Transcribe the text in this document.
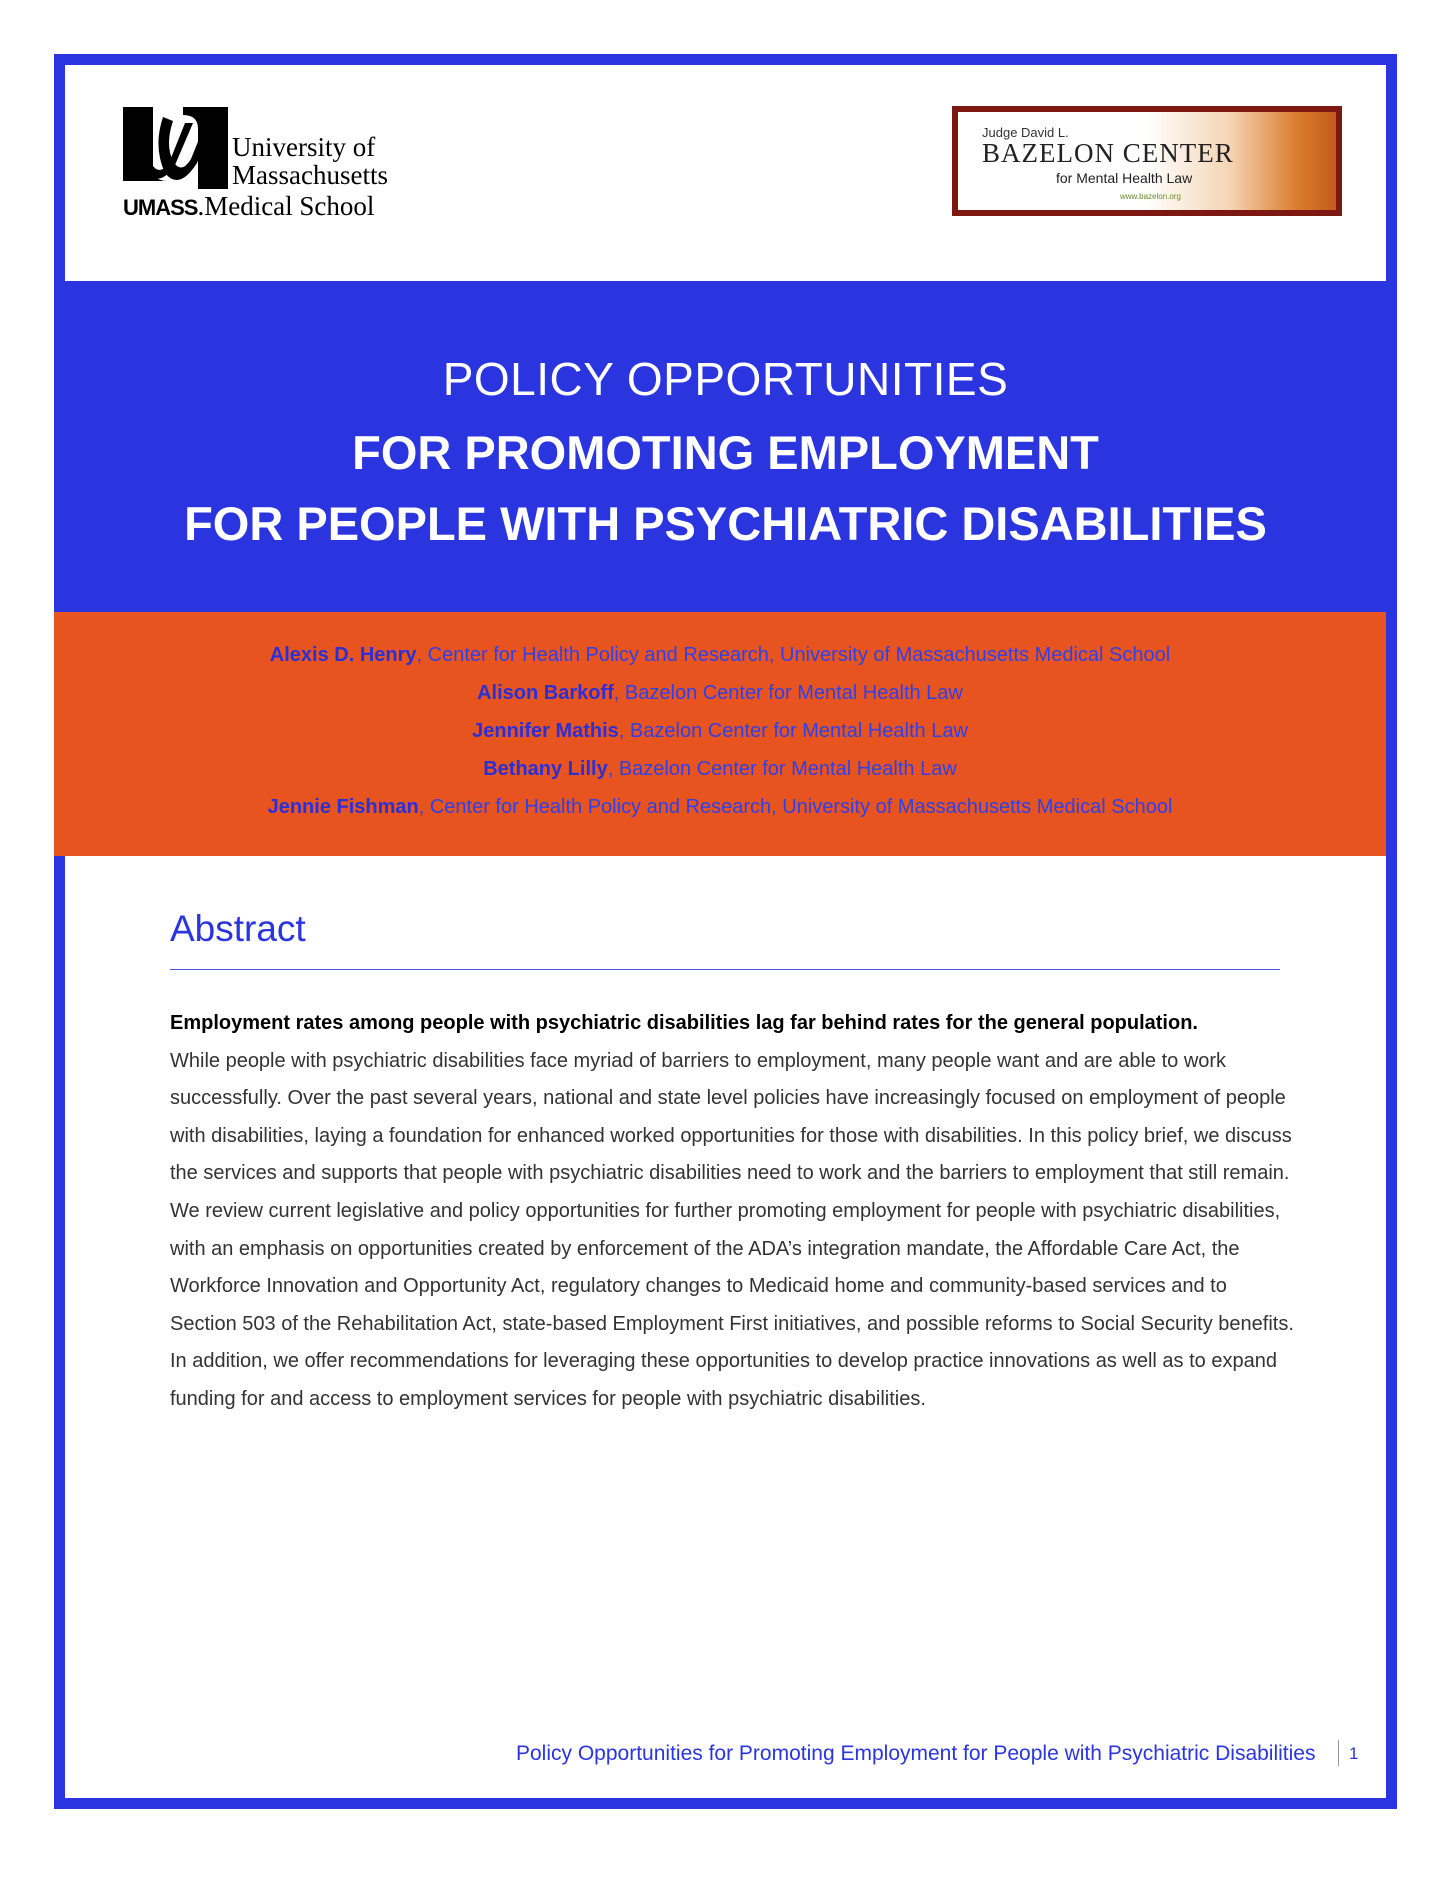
University of
Massachusetts
UMASS.Medical School
Judge David L.
BAZELON CENTER
for Mental Health Law
www.bazelon.org
POLICY OPPORTUNITIES
FOR PROMOTING EMPLOYMENT
FOR PEOPLE WITH PSYCHIATRIC DISABILITIES
Alexis D. Henry, Center for Health Policy and Research, University of Massachusetts Medical School
Alison Barkoff, Bazelon Center for Mental Health Law
Jennifer Mathis, Bazelon Center for Mental Health Law
Bethany Lilly, Bazelon Center for Mental Health Law
Jennie Fishman, Center for Health Policy and Research, University of Massachusetts Medical School
Abstract
Employment rates among people with psychiatric disabilities lag far behind rates for the general population.
While people with psychiatric disabilities face myriad of barriers to employment, many people want and are able to work successfully. Over the past several years, national and state level policies have increasingly focused on employment of people with disabilities, laying a foundation for enhanced worked opportunities for those with disabilities. In this policy brief, we discuss the services and supports that people with psychiatric disabilities need to work and the barriers to employment that still remain. We review current legislative and policy opportunities for further promoting employment for people with psychiatric disabilities, with an emphasis on opportunities created by enforcement of the ADA’s integration mandate, the Affordable Care Act, the Workforce Innovation and Opportunity Act, regulatory changes to Medicaid home and community-based services and to Section 503 of the Rehabilitation Act, state-based Employment First initiatives, and possible reforms to Social Security benefits. In addition, we offer recommendations for leveraging these opportunities to develop practice innovations as well as to expand funding for and access to employment services for people with psychiatric disabilities.
Policy Opportunities for Promoting Employment for People with Psychiatric Disabilities 1
